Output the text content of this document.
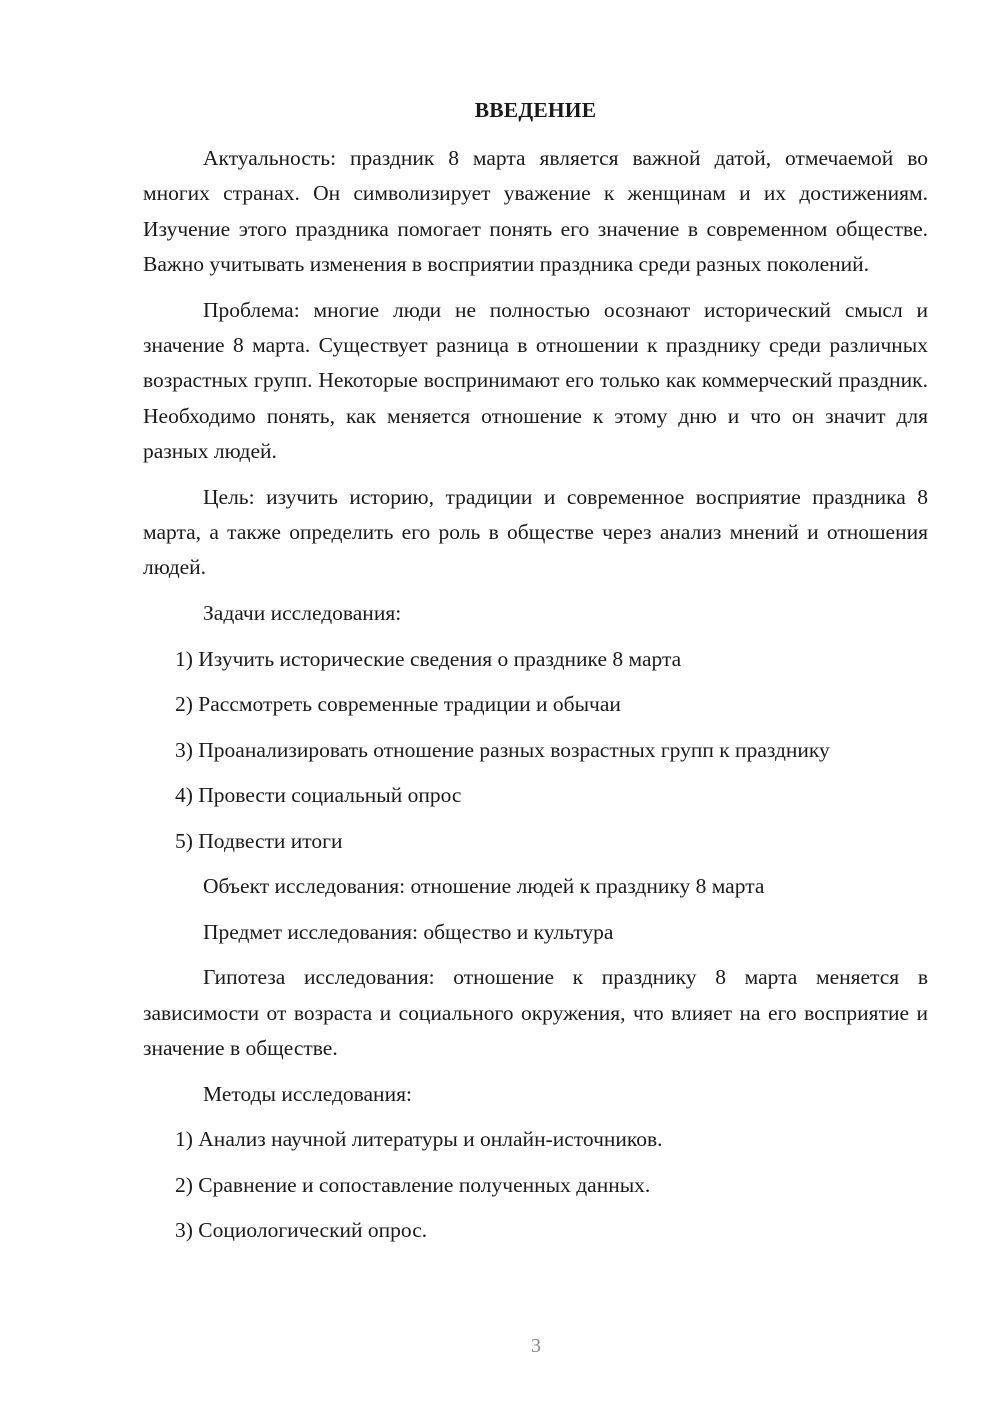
ВВЕДЕНИЕ

Актуальность: праздник 8 марта является важной датой, отмечаемой во многих странах. Он символизирует уважение к женщинам и их достижениям. Изучение этого праздника помогает понять его значение в современном обществе. Важно учитывать изменения в восприятии праздника среди разных поколений.

Проблема: многие люди не полностью осознают исторический смысл и значение 8 марта. Существует разница в отношении к празднику среди различных возрастных групп. Некоторые воспринимают его только как коммерческий праздник. Необходимо понять, как меняется отношение к этому дню и что он значит для разных людей.

Цель: изучить историю, традиции и современное восприятие праздника 8 марта, а также определить его роль в обществе через анализ мнений и отношения людей.

Задачи исследования:

1) Изучить исторические сведения о празднике 8 марта

2) Рассмотреть современные традиции и обычаи

3) Проанализировать отношение разных возрастных групп к празднику

4) Провести социальный опрос

5) Подвести итоги

Объект исследования: отношение людей к празднику 8 марта

Предмет исследования: общество и культура

Гипотеза исследования: отношение к празднику 8 марта меняется в зависимости от возраста и социального окружения, что влияет на его восприятие и значение в обществе.

Методы исследования:

1) Анализ научной литературы и онлайн-источников.

2) Сравнение и сопоставление полученных данных.

3) Социологический опрос.

3
